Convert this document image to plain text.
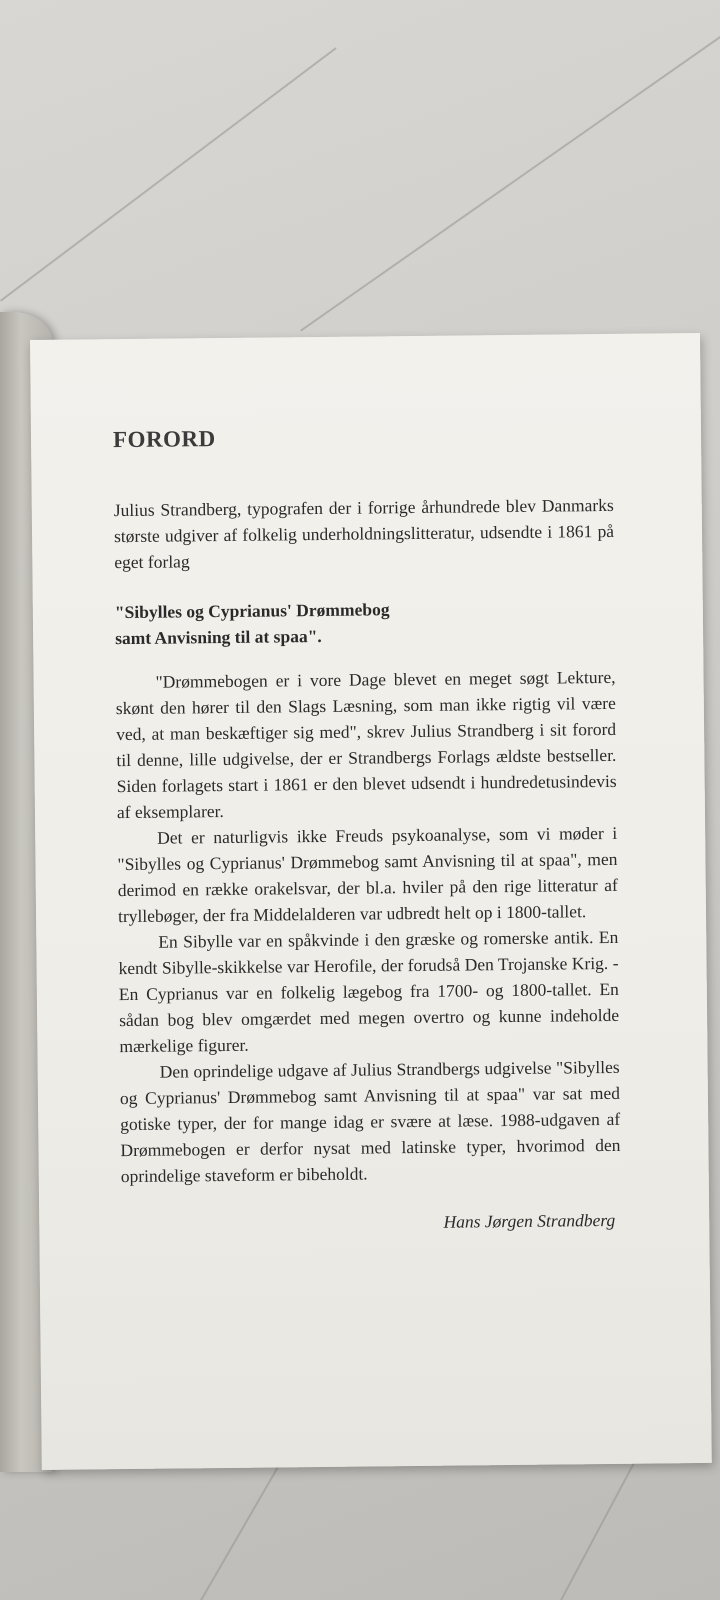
FORORD

Julius Strandberg, typografen der i forrige århundrede blev Danmarks største udgiver af folkelig underholdningslitteratur, udsendte i 1861 på eget forlag

"Sibylles og Cyprianus' Drømmebog
samt Anvisning til at spaa".

"Drømmebogen er i vore Dage blevet en meget søgt Lekture, skønt den hører til den Slags Læsning, som man ikke rigtig vil være ved, at man beskæftiger sig med", skrev Julius Strandberg i sit forord til denne, lille udgivelse, der er Strandbergs Forlags ældste bestseller. Siden forlagets start i 1861 er den blevet udsendt i hundredetusindevis af eksemplarer.

Det er naturligvis ikke Freuds psykoanalyse, som vi møder i "Sibylles og Cyprianus' Drømmebog samt Anvisning til at spaa", men derimod en række orakelsvar, der bl.a. hviler på den rige litteratur af tryllebøger, der fra Middelalderen var udbredt helt op i 1800-tallet.

En Sibylle var en spåkvinde i den græske og romerske antik. En kendt Sibylle-skikkelse var Herofile, der forudså Den Trojanske Krig. - En Cyprianus var en folkelig lægebog fra 1700- og 1800-tallet. En sådan bog blev omgærdet med megen overtro og kunne indeholde mærkelige figurer.

Den oprindelige udgave af Julius Strandbergs udgivelse "Sibylles og Cyprianus' Drømmebog samt Anvisning til at spaa" var sat med gotiske typer, der for mange idag er svære at læse. 1988-udgaven af Drømmebogen er derfor nysat med latinske typer, hvorimod den oprindelige staveform er bibeholdt.

Hans Jørgen Strandberg
